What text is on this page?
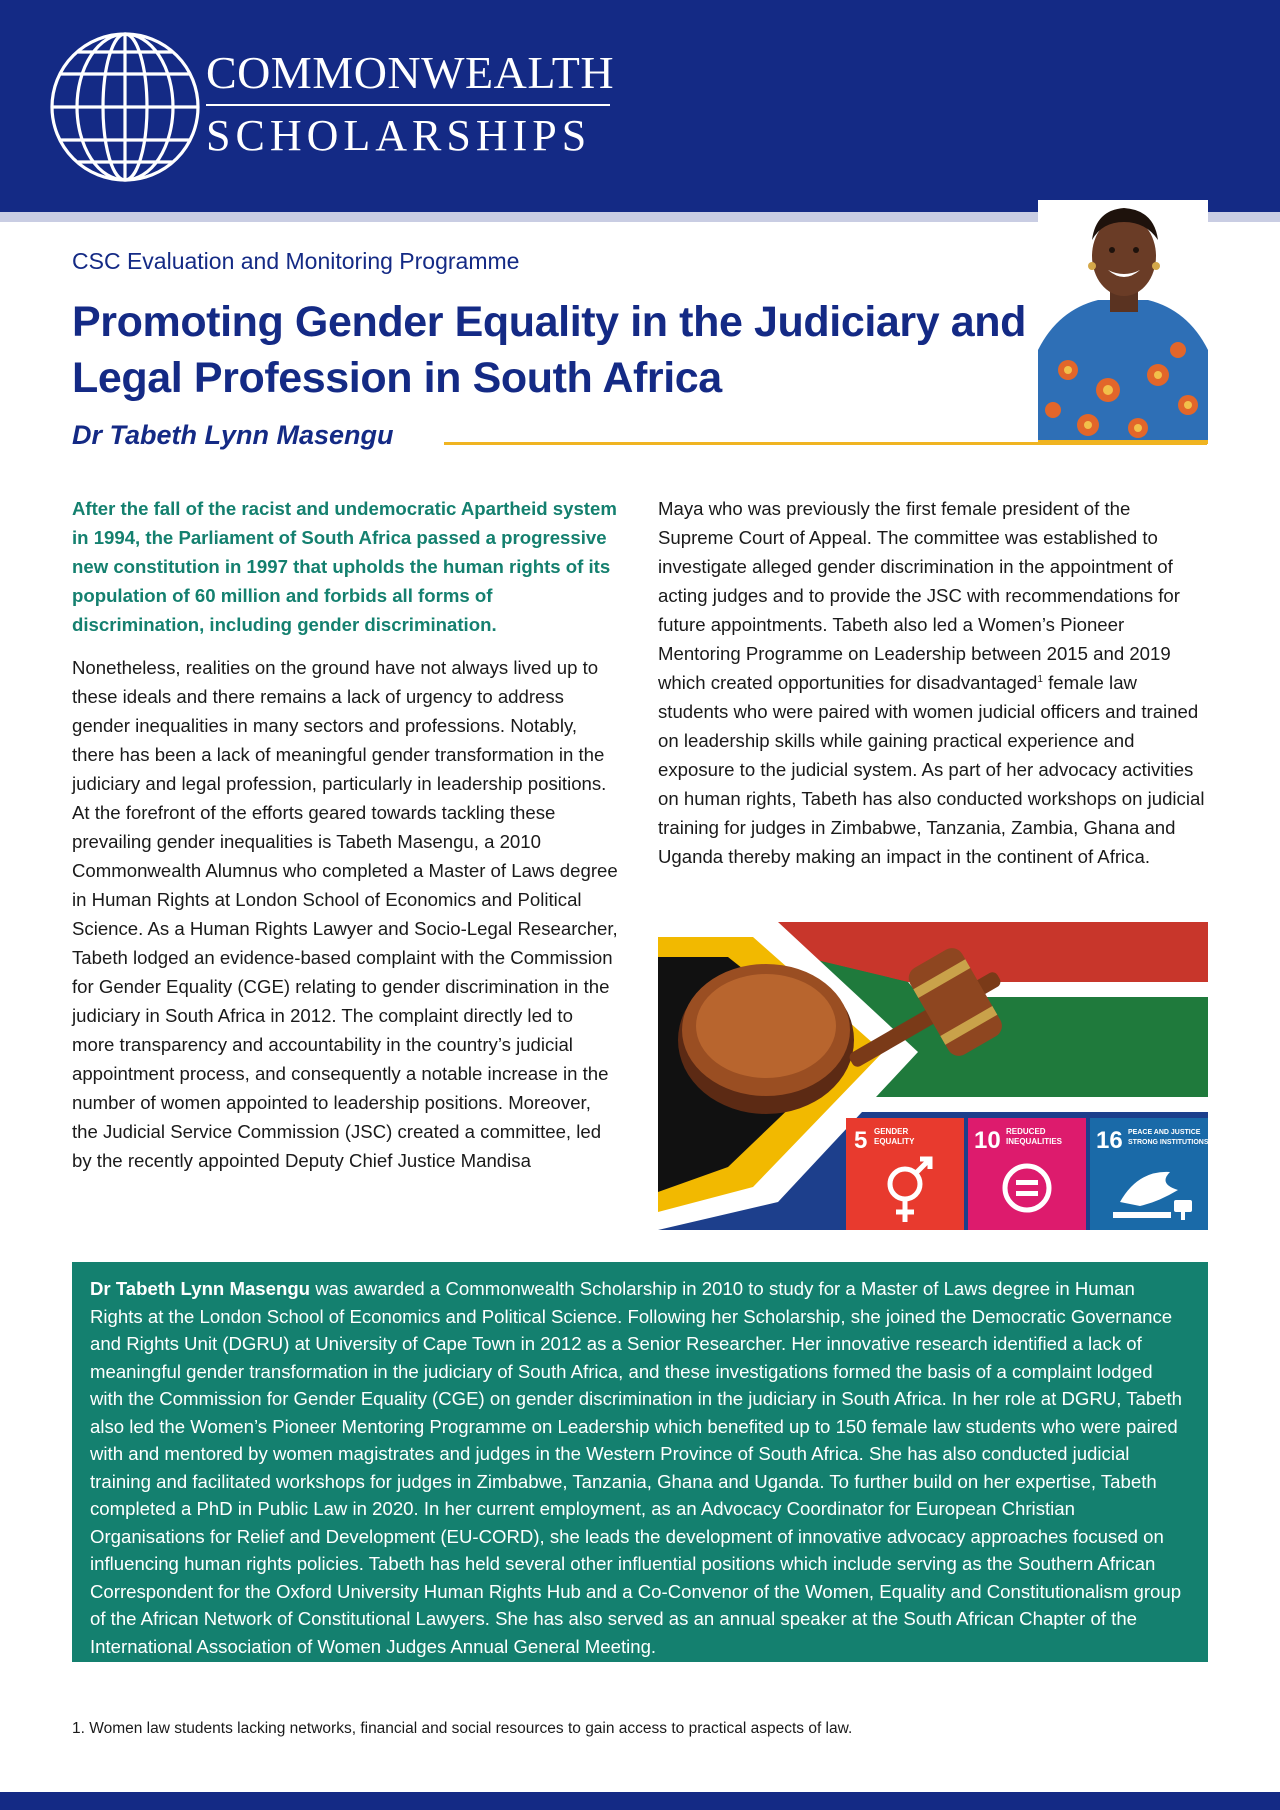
COMMONWEALTH
SCHOLARSHIPS
CSC Evaluation and Monitoring Programme
Promoting Gender Equality in the Judiciary and Legal Profession in South Africa
Dr Tabeth Lynn Masengu

After the fall of the racist and undemocratic Apartheid system in 1994, the Parliament of South Africa passed a progressive new constitution in 1997 that upholds the human rights of its population of 60 million and forbids all forms of discrimination, including gender discrimination.

Nonetheless, realities on the ground have not always lived up to these ideals and there remains a lack of urgency to address gender inequalities in many sectors and professions. Notably, there has been a lack of meaningful gender transformation in the judiciary and legal profession, particularly in leadership positions. At the forefront of the efforts geared towards tackling these prevailing gender inequalities is Tabeth Masengu, a 2010 Commonwealth Alumnus who completed a Master of Laws degree in Human Rights at London School of Economics and Political Science. As a Human Rights Lawyer and Socio-Legal Researcher, Tabeth lodged an evidence-based complaint with the Commission for Gender Equality (CGE) relating to gender discrimination in the judiciary in South Africa in 2012. The complaint directly led to more transparency and accountability in the country’s judicial appointment process, and consequently a notable increase in the number of women appointed to leadership positions. Moreover, the Judicial Service Commission (JSC) created a committee, led by the recently appointed Deputy Chief Justice Mandisa

Maya who was previously the first female president of the Supreme Court of Appeal. The committee was established to investigate alleged gender discrimination in the appointment of acting judges and to provide the JSC with recommendations for future appointments. Tabeth also led a Women’s Pioneer Mentoring Programme on Leadership between 2015 and 2019 which created opportunities for disadvantaged$^1$ female law students who were paired with women judicial officers and trained on leadership skills while gaining practical experience and exposure to the judicial system. As part of her advocacy activities on human rights, Tabeth has also conducted workshops on judicial training for judges in Zimbabwe, Tanzania, Zambia, Ghana and Uganda thereby making an impact in the continent of Africa.

5 GENDER
EQUALITY 10 REDUCED
INEQUALITIES 16 PEACE AND JUSTICE
STRONG INSTITUTIONS

Dr Tabeth Lynn Masengu was awarded a Commonwealth Scholarship in 2010 to study for a Master of Laws degree in Human Rights at the London School of Economics and Political Science. Following her Scholarship, she joined the Democratic Governance and Rights Unit (DGRU) at University of Cape Town in 2012 as a Senior Researcher. Her innovative research identified a lack of meaningful gender transformation in the judiciary of South Africa, and these investigations formed the basis of a complaint lodged with the Commission for Gender Equality (CGE) on gender discrimination in the judiciary in South Africa. In her role at DGRU, Tabeth also led the Women’s Pioneer Mentoring Programme on Leadership which benefited up to 150 female law students who were paired with and mentored by women magistrates and judges in the Western Province of South Africa. She has also conducted judicial training and facilitated workshops for judges in Zimbabwe, Tanzania, Ghana and Uganda. To further build on her expertise, Tabeth completed a PhD in Public Law in 2020. In her current employment, as an Advocacy Coordinator for European Christian Organisations for Relief and Development (EU-CORD), she leads the development of innovative advocacy approaches focused on influencing human rights policies. Tabeth has held several other influential positions which include serving as the Southern African Correspondent for the Oxford University Human Rights Hub and a Co-Convenor of the Women, Equality and Constitutionalism group of the African Network of Constitutional Lawyers. She has also served as an annual speaker at the South African Chapter of the International Association of Women Judges Annual General Meeting.

1. Women law students lacking networks, financial and social resources to gain access to practical aspects of law.
